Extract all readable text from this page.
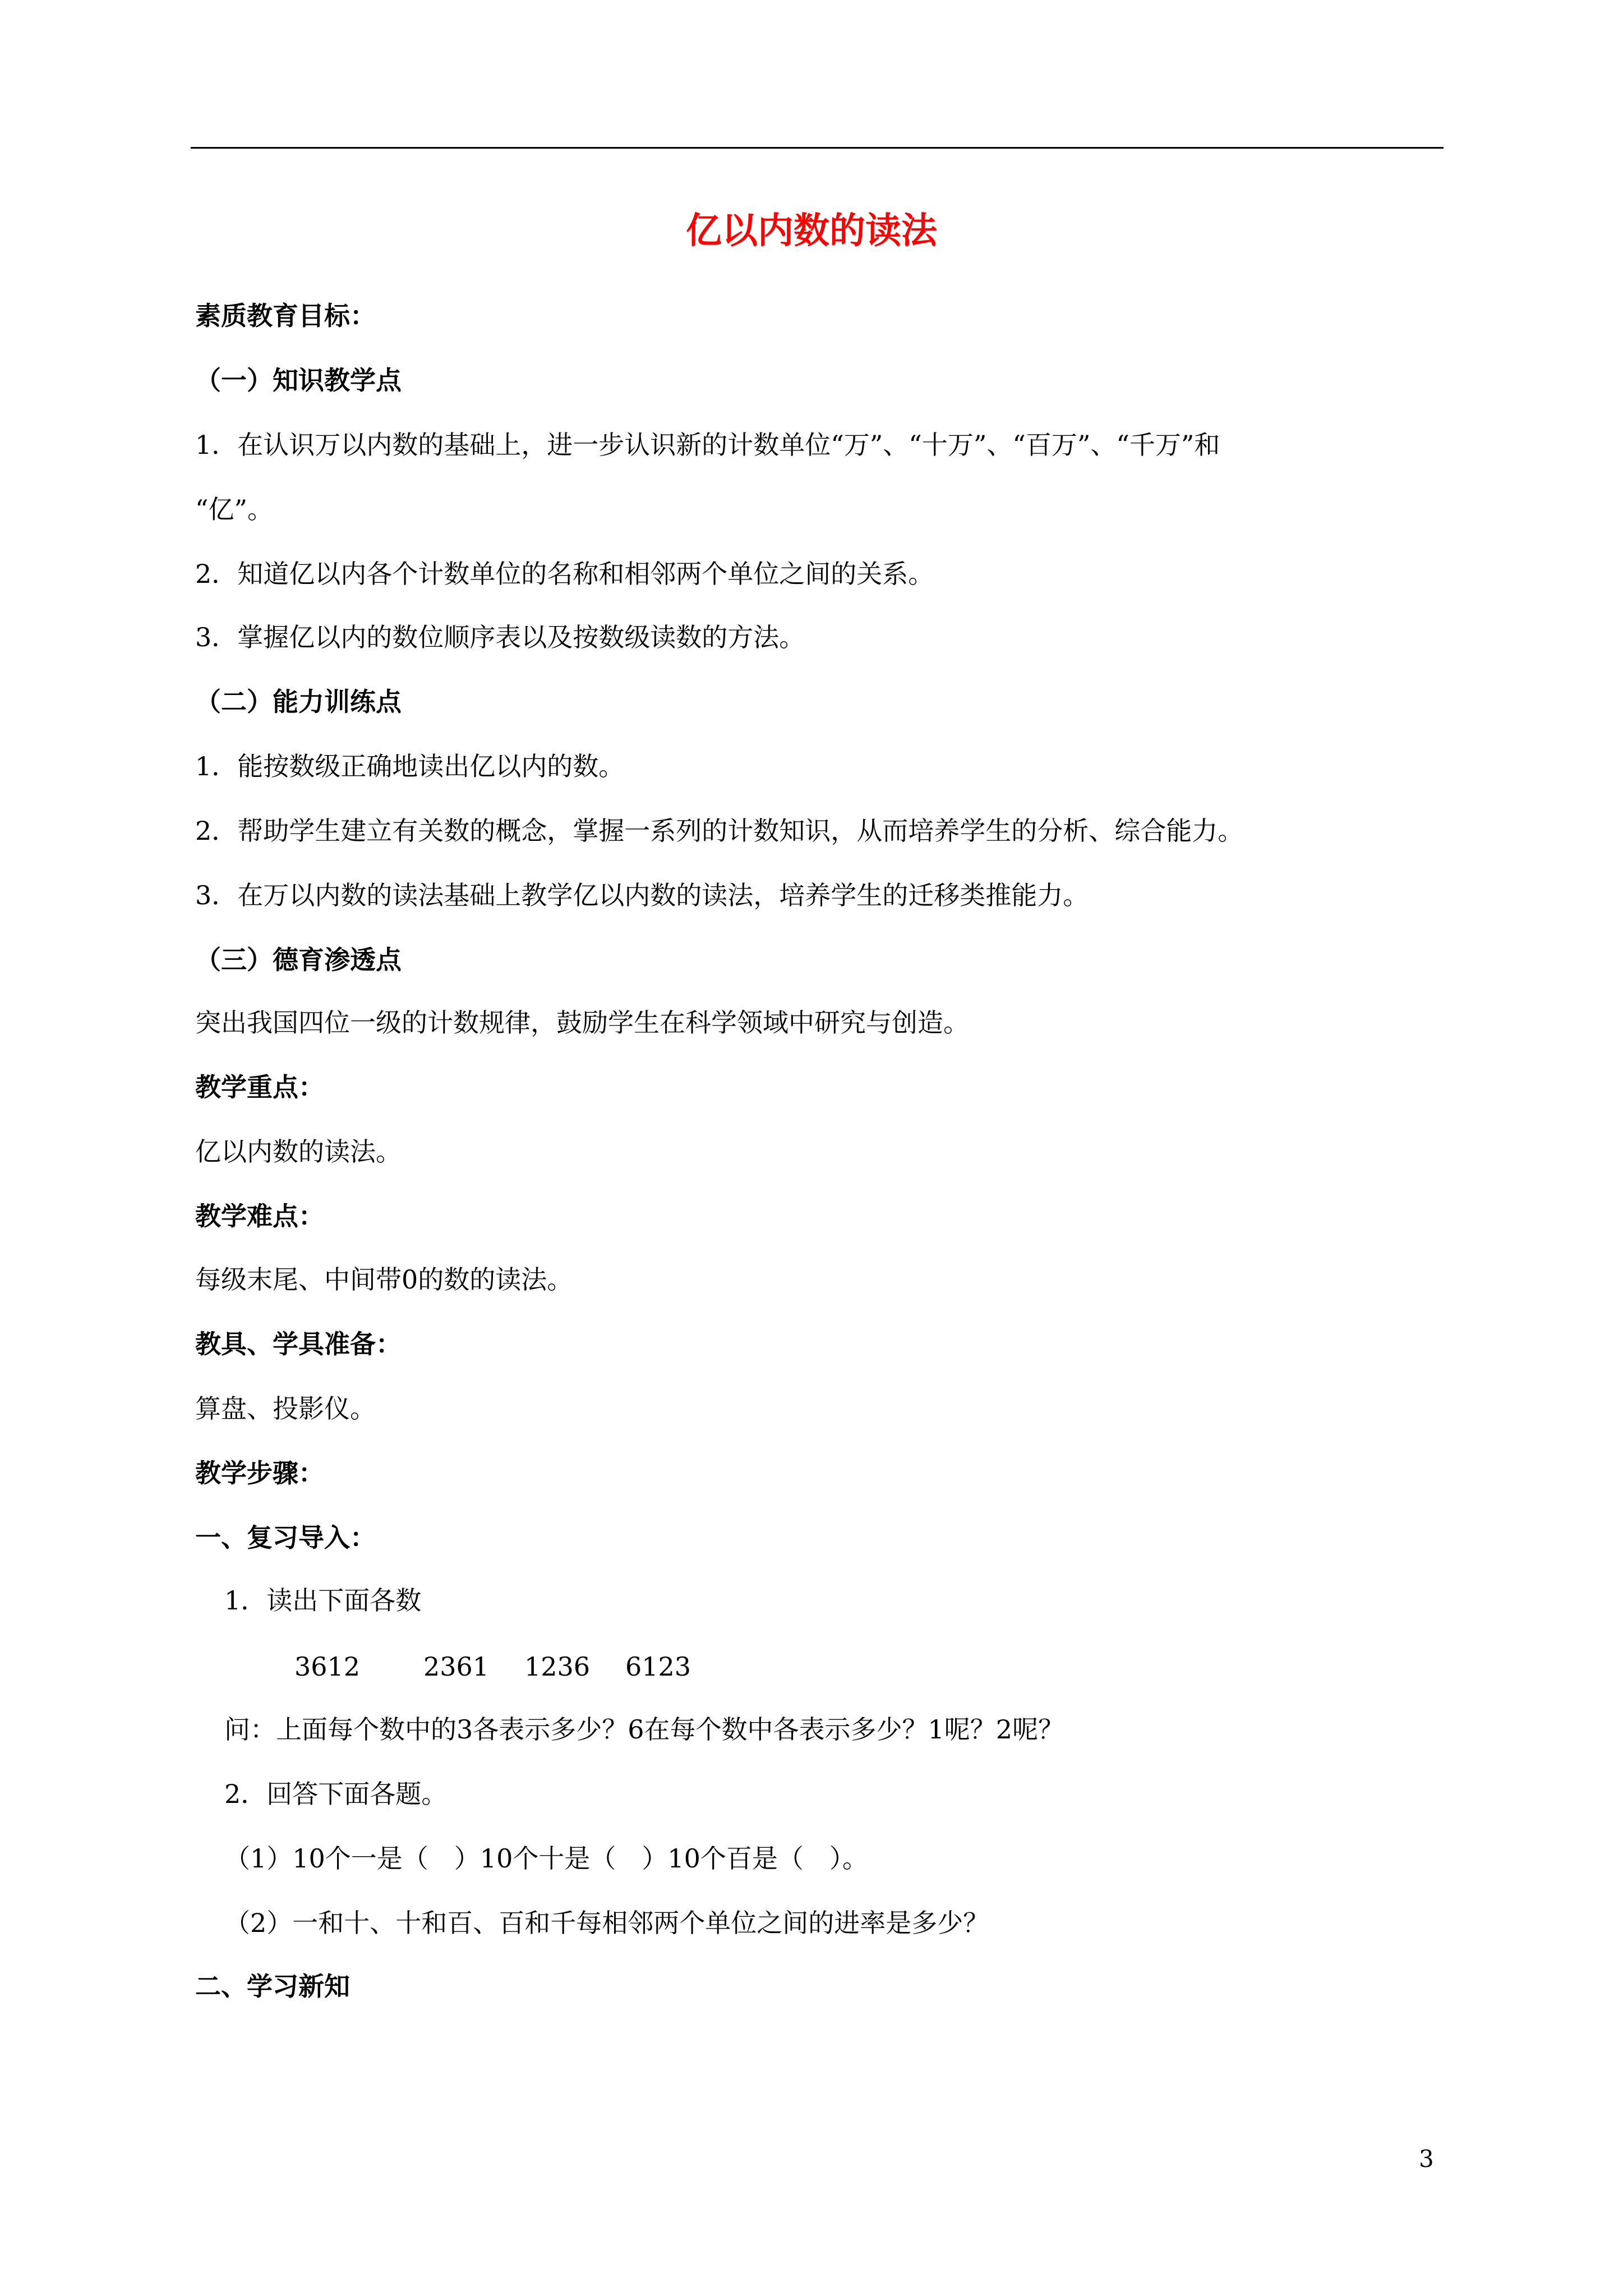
亿以内数的读法
素质教育目标：
（一）知识教学点
1．在认识万以内数的基础上，进一步认识新的计数单位“万”、“十万”、“百万”、“千万”和
“亿”。
2．知道亿以内各个计数单位的名称和相邻两个单位之间的关系。
3．掌握亿以内的数位顺序表以及按数级读数的方法。
（二）能力训练点
1．能按数级正确地读出亿以内的数。
2．帮助学生建立有关数的概念，掌握一系列的计数知识，从而培养学生的分析、综合能力。
3．在万以内数的读法基础上教学亿以内数的读法，培养学生的迁移类推能力。
（三）德育渗透点
突出我国四位一级的计数规律，鼓励学生在科学领域中研究与创造。
教学重点：
亿以内数的读法。
教学难点：
每级末尾、中间带0的数的读法。
教具、学具准备：
算盘、投影仪。
教学步骤：
一、复习导入：
1．读出下面各数
3612 2361 1236 6123
问：上面每个数中的3各表示多少？6在每个数中各表示多少？1呢？2呢？
2．回答下面各题。
（1）10个一是（　）10个十是（　）10个百是（　）。
（2）一和十、十和百、百和千每相邻两个单位之间的进率是多少？
二、学习新知
3
